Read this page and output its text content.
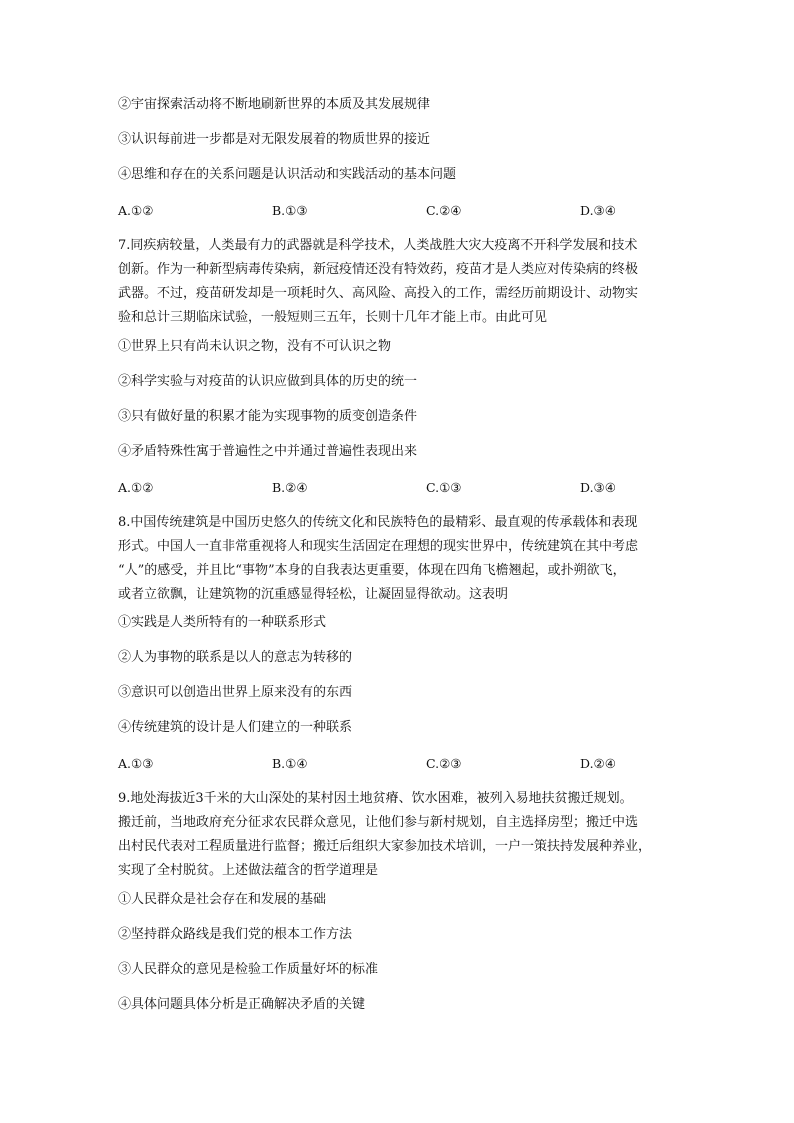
②宇宙探索活动将不断地刷新世界的本质及其发展规律
③认识每前进一步都是对无限发展着的物质世界的接近
④思维和存在的关系问题是认识活动和实践活动的基本问题
A.①②	B.①③	C.②④	D.③④
7.同疾病较量，人类最有力的武器就是科学技术，人类战胜大灾大疫离不开科学发展和技术
创新。作为一种新型病毒传染病，新冠疫情还没有特效药，疫苗才是人类应对传染病的终极
武器。不过，疫苗研发却是一项耗时久、高风险、高投入的工作，需经历前期设计、动物实
验和总计三期临床试验，一般短则三五年，长则十几年才能上市。由此可见
①世界上只有尚未认识之物，没有不可认识之物
②科学实验与对疫苗的认识应做到具体的历史的统一
③只有做好量的积累才能为实现事物的质变创造条件
④矛盾特殊性寓于普遍性之中并通过普遍性表现出来
A.①②	B.②④	C.①③	D.③④
8.中国传统建筑是中国历史悠久的传统文化和民族特色的最精彩、最直观的传承载体和表现
形式。中国人一直非常重视将人和现实生活固定在理想的现实世界中，传统建筑在其中考虑
“人”的感受，并且比“事物”本身的自我表达更重要，体现在四角飞檐翘起，或扑朔欲飞，
或者立欲飘，让建筑物的沉重感显得轻松，让凝固显得欲动。这表明
①实践是人类所特有的一种联系形式
②人为事物的联系是以人的意志为转移的
③意识可以创造出世界上原来没有的东西
④传统建筑的设计是人们建立的一种联系
A.①③	B.①④	C.②③	D.②④
9.地处海拔近3千米的大山深处的某村因土地贫瘠、饮水困难，被列入易地扶贫搬迁规划。
搬迁前，当地政府充分征求农民群众意见，让他们参与新村规划，自主选择房型；搬迁中选
出村民代表对工程质量进行监督；搬迁后组织大家参加技术培训，一户一策扶持发展种养业，
实现了全村脱贫。上述做法蕴含的哲学道理是
①人民群众是社会存在和发展的基础
②坚持群众路线是我们党的根本工作方法
③人民群众的意见是检验工作质量好坏的标准
④具体问题具体分析是正确解决矛盾的关键
